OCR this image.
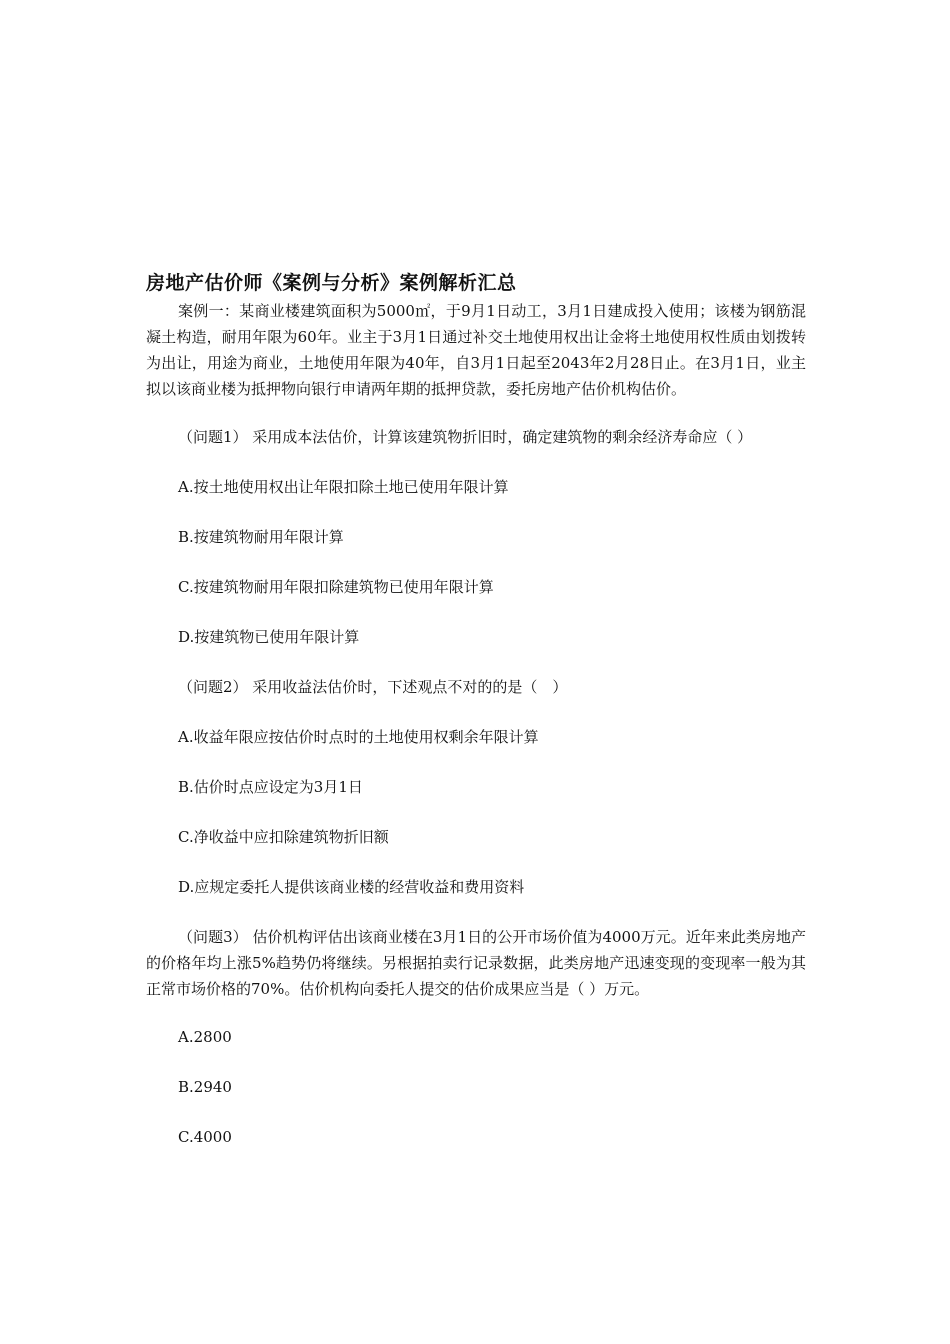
房地产估价师《案例与分析》案例解析汇总

案例一：某商业楼建筑面积为5000㎡，于9月1日动工，3月1日建成投入使用；该楼为钢筋混凝土构造，耐用年限为60年。业主于3月1日通过补交土地使用权出让金将土地使用权性质由划拨转为出让，用途为商业，土地使用年限为40年，自3月1日起至2043年2月28日止。在3月1日，业主拟以该商业楼为抵押物向银行申请两年期的抵押贷款，委托房地产估价机构估价。

（问题1） 采用成本法估价，计算该建筑物折旧时，确定建筑物的剩余经济寿命应（ ）

A.按土地使用权出让年限扣除土地已使用年限计算

B.按建筑物耐用年限计算

C.按建筑物耐用年限扣除建筑物已使用年限计算

D.按建筑物已使用年限计算

（问题2） 采用收益法估价时，下述观点不对的的是（　）

A.收益年限应按估价时点时的土地使用权剩余年限计算

B.估价时点应设定为3月1日

C.净收益中应扣除建筑物折旧额

D.应规定委托人提供该商业楼的经营收益和费用资料

（问题3） 估价机构评估出该商业楼在3月1日的公开市场价值为4000万元。近年来此类房地产的价格年均上涨5%趋势仍将继续。另根据拍卖行记录数据，此类房地产迅速变现的变现率一般为其正常市场价格的70%。估价机构向委托人提交的估价成果应当是（ ）万元。

A.2800

B.2940

C.4000
